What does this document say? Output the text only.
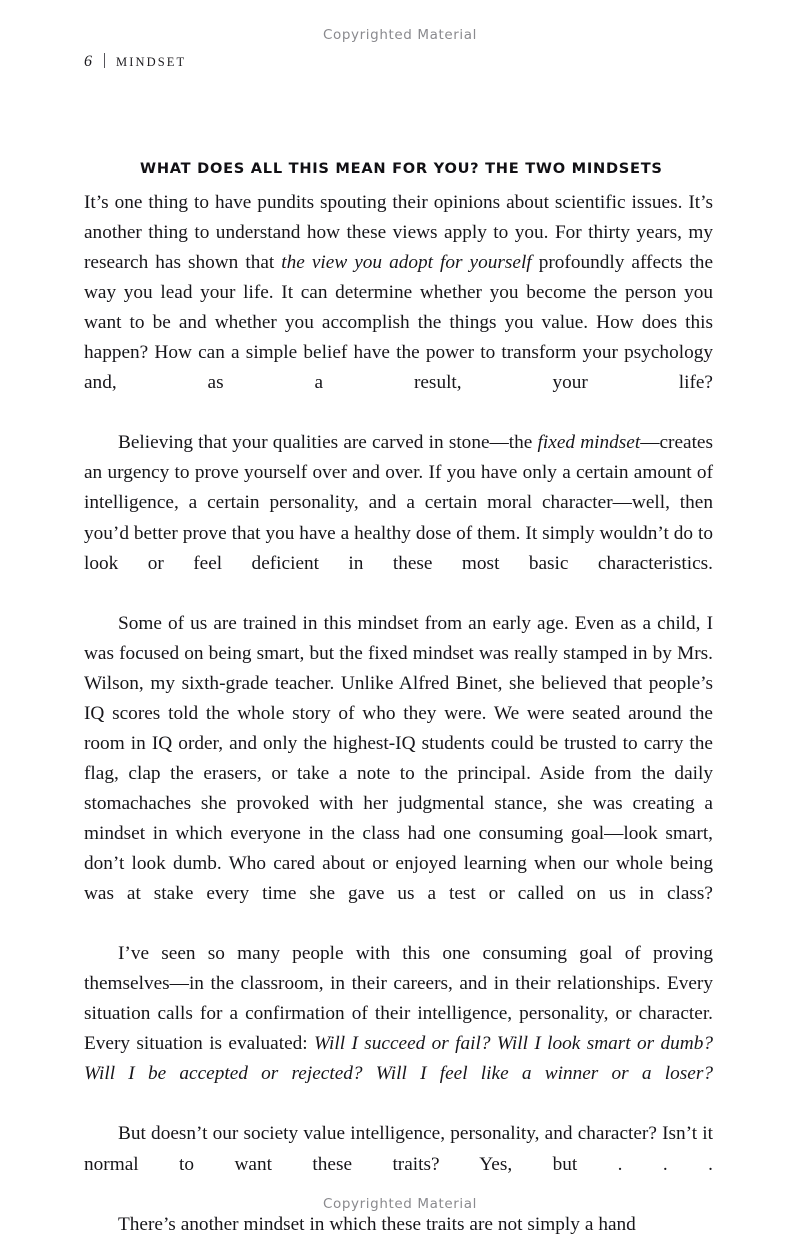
Copyrighted Material
6 MINDSET
WHAT DOES ALL THIS MEAN FOR YOU? THE TWO MINDSETS

It’s one thing to have pundits spouting their opinions about scientific issues. It’s another thing to understand how these views apply to you. For thirty years, my research has shown that the view you adopt for yourself profoundly affects the way you lead your life. It can determine whether you become the person you want to be and whether you accomplish the things you value. How does this happen? How can a simple belief have the power to transform your psychology and, as a result, your life?

Believing that your qualities are carved in stone—the fixed mindset—creates an urgency to prove yourself over and over. If you have only a certain amount of intelligence, a certain personality, and a certain moral character—well, then you’d better prove that you have a healthy dose of them. It simply wouldn’t do to look or feel deficient in these most basic characteristics.

Some of us are trained in this mindset from an early age. Even as a child, I was focused on being smart, but the fixed mindset was really stamped in by Mrs. Wilson, my sixth-grade teacher. Unlike Alfred Binet, she believed that people’s IQ scores told the whole story of who they were. We were seated around the room in IQ order, and only the highest-IQ students could be trusted to carry the flag, clap the erasers, or take a note to the principal. Aside from the daily stomachaches she provoked with her judgmental stance, she was creating a mindset in which everyone in the class had one consuming goal—look smart, don’t look dumb. Who cared about or enjoyed learning when our whole being was at stake every time she gave us a test or called on us in class?

I’ve seen so many people with this one consuming goal of proving themselves—in the classroom, in their careers, and in their relationships. Every situation calls for a confirmation of their intelligence, personality, or character. Every situation is evaluated: Will I succeed or fail? Will I look smart or dumb? Will I be accepted or rejected? Will I feel like a winner or a loser?

But doesn’t our society value intelligence, personality, and character? Isn’t it normal to want these traits? Yes, but . . .

There’s another mindset in which these traits are not simply a hand

Copyrighted Material
